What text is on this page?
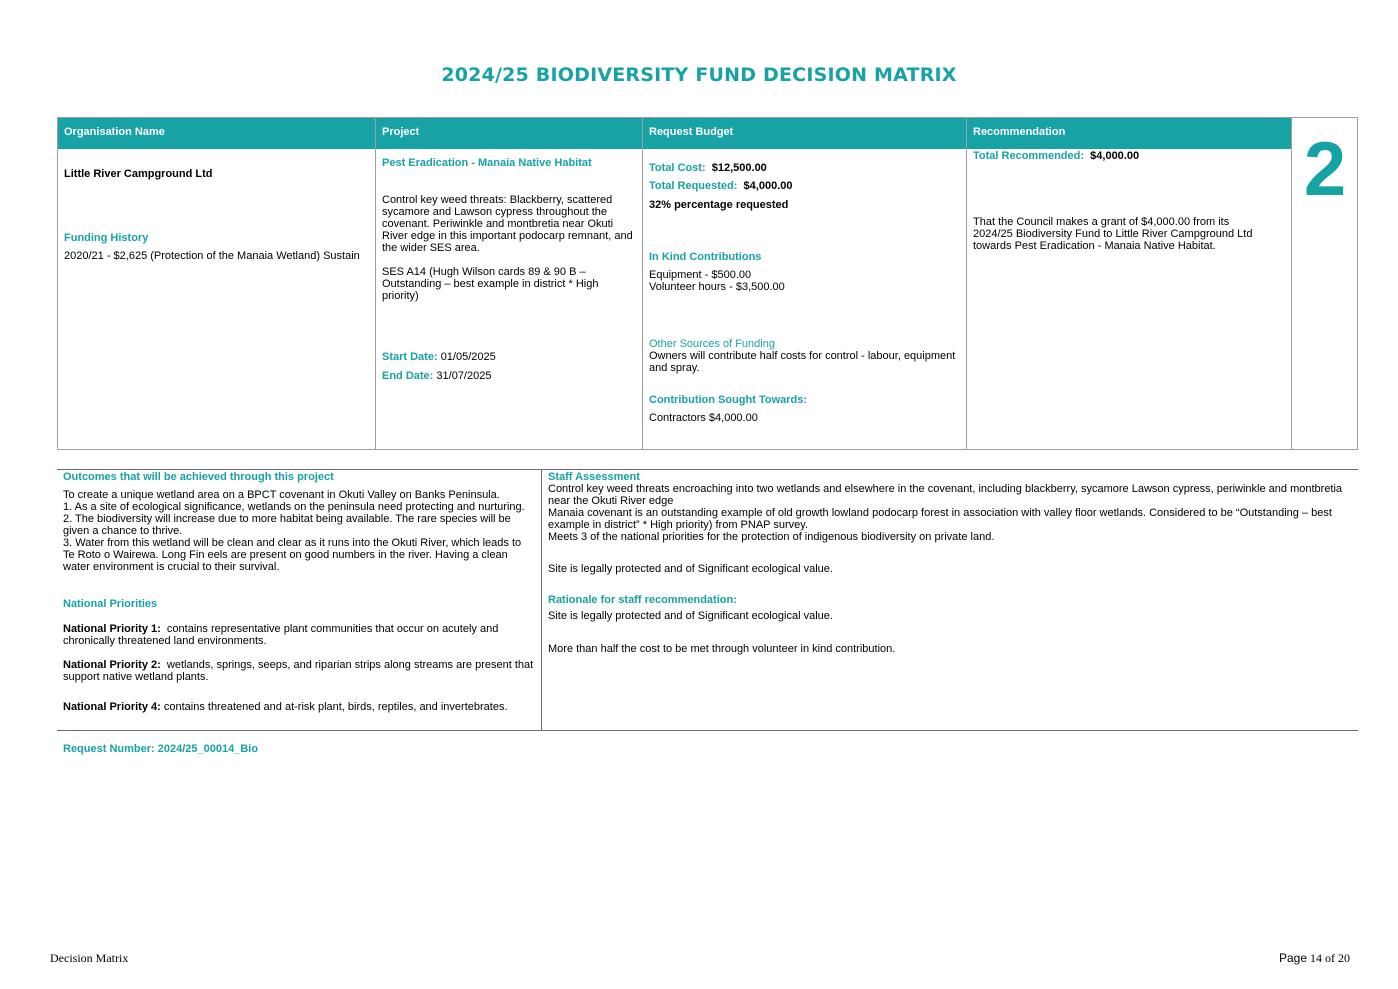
2024/25 BIODIVERSITY FUND DECISION MATRIX
Organisation Name
Little River Campground Ltd
Funding History
2020/21 - $2,625 (Protection of the Manaia Wetland) Sustain
Project
Pest Eradication - Manaia Native Habitat
Control key weed threats: Blackberry, scattered sycamore and Lawson cypress throughout the covenant. Periwinkle and montbretia near Okuti River edge in this important podocarp remnant, and the wider SES area.
SES A14 (Hugh Wilson cards 89 & 90 B – Outstanding – best example in district * High priority)
Start Date: 01/05/2025
End Date: 31/07/2025
Request Budget
Total Cost: $12,500.00
Total Requested: $4,000.00
32% percentage requested
In Kind Contributions
Equipment - $500.00
Volunteer hours - $3,500.00
Other Sources of Funding
Owners will contribute half costs for control - labour, equipment and spray.
Contribution Sought Towards:
Contractors $4,000.00
Recommendation
Total Recommended: $4,000.00
That the Council makes a grant of $4,000.00 from its 2024/25 Biodiversity Fund to Little River Campground Ltd towards Pest Eradication - Manaia Native Habitat.
2
Outcomes that will be achieved through this project
To create a unique wetland area on a BPCT covenant in Okuti Valley on Banks Peninsula.
1. As a site of ecological significance, wetlands on the peninsula need protecting and nurturing.
2. The biodiversity will increase due to more habitat being available. The rare species will be given a chance to thrive.
3. Water from this wetland will be clean and clear as it runs into the Okuti River, which leads to Te Roto o Wairewa. Long Fin eels are present on good numbers in the river. Having a clean water environment is crucial to their survival.
National Priorities
National Priority 1: contains representative plant communities that occur on acutely and chronically threatened land environments.
National Priority 2: wetlands, springs, seeps, and riparian strips along streams are present that support native wetland plants.
National Priority 4: contains threatened and at-risk plant, birds, reptiles, and invertebrates.
Staff Assessment
Control key weed threats encroaching into two wetlands and elsewhere in the covenant, including blackberry, sycamore Lawson cypress, periwinkle and montbretia near the Okuti River edge
Manaia covenant is an outstanding example of old growth lowland podocarp forest in association with valley floor wetlands. Considered to be “Outstanding – best example in district” * High priority) from PNAP survey.
Meets 3 of the national priorities for the protection of indigenous biodiversity on private land.
Site is legally protected and of Significant ecological value.
Rationale for staff recommendation:
Site is legally protected and of Significant ecological value.
More than half the cost to be met through volunteer in kind contribution.
Request Number: 2024/25_00014_Bio
Decision Matrix	Page 14 of 20
